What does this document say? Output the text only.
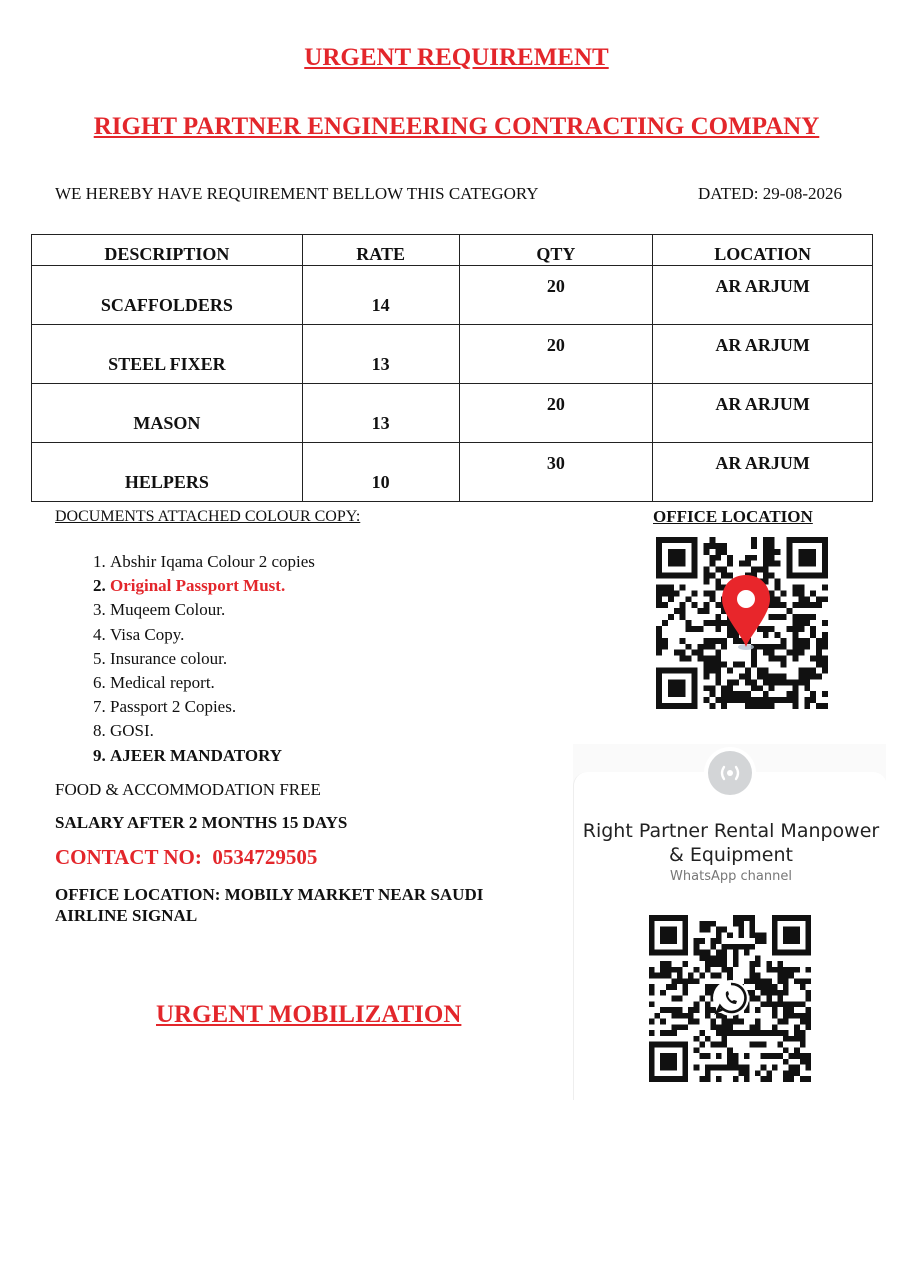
URGENT REQUIREMENT
RIGHT PARTNER ENGINEERING CONTRACTING COMPANY
WE HEREBY HAVE REQUIREMENT BELLOW THIS CATEGORY	DATED: 29-08-2026
DESCRIPTION	RATE	QTY	LOCATION
SCAFFOLDERS	14	20	AR ARJUM
STEEL FIXER	13	20	AR ARJUM
MASON	13	20	AR ARJUM
HELPERS	10	30	AR ARJUM
DOCUMENTS ATTACHED COLOUR COPY:
1. Abshir Iqama Colour 2 copies
2. Original Passport Must.
3. Muqeem Colour.
4. Visa Copy.
5. Insurance colour.
6. Medical report.
7. Passport 2 Copies.
8. GOSI.
9. AJEER MANDATORY
FOOD & ACCOMMODATION FREE
SALARY AFTER 2 MONTHS 15 DAYS
CONTACT NO: 0534729505
OFFICE LOCATION: MOBILY MARKET NEAR SAUDI AIRLINE SIGNAL
URGENT MOBILIZATION
OFFICE LOCATION
Right Partner Rental Manpower & Equipment
WhatsApp channel
